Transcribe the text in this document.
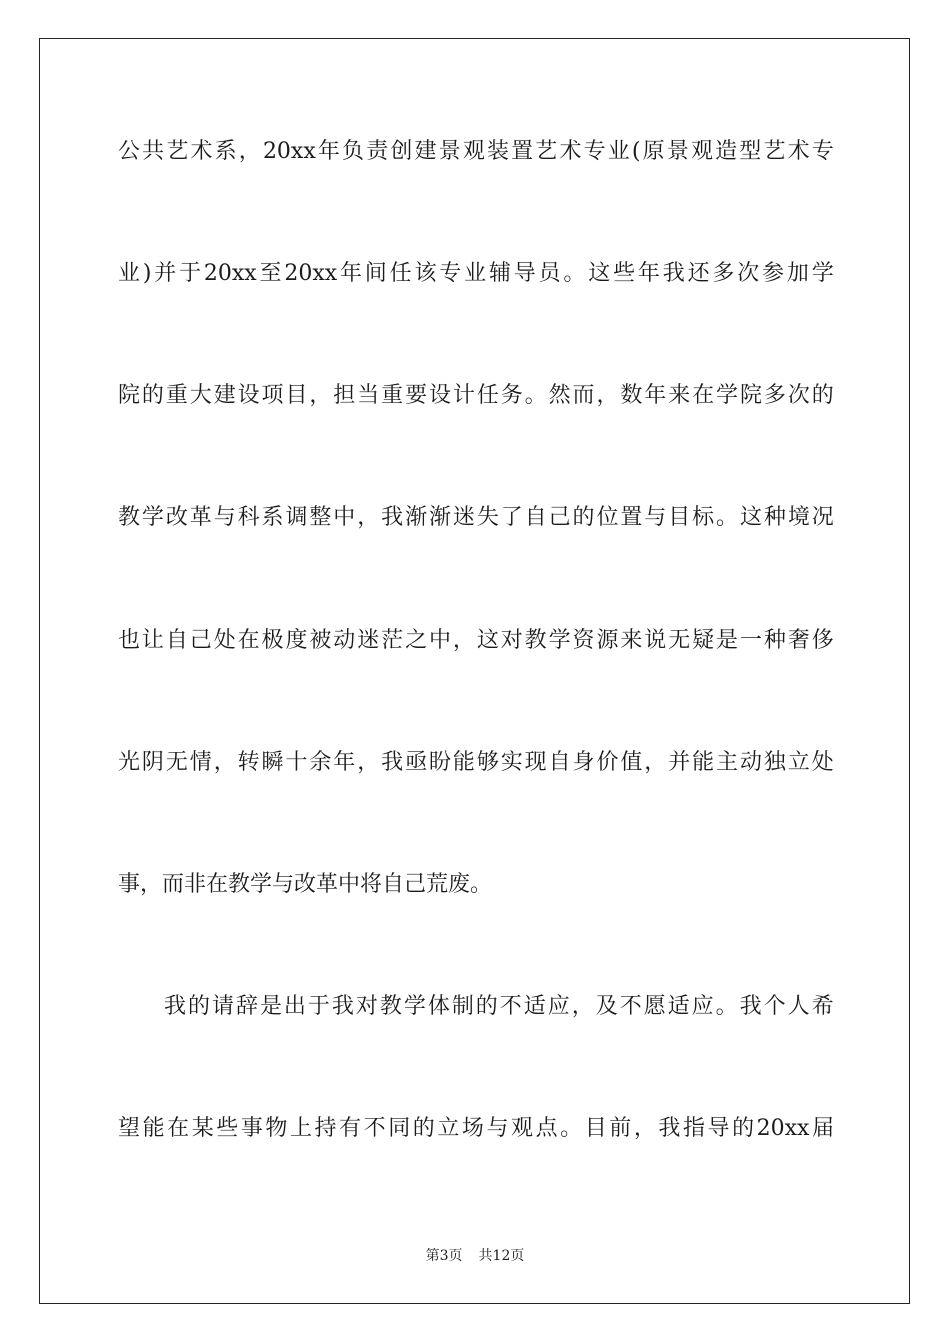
公 共 艺 术 系 ， 20xx 年 负 责 创 建 景 观 装 置 艺 术 专 业 ( 原 景 观 造 型 艺 术 专
业 ) 并 于 20xx 至 20xx 年 间 任 该 专 业 辅 导 员 。 这 些 年 我 还 多 次 参 加 学
院 的 重 大 建 设 项 目 ， 担 当 重 要 设 计 任 务 。 然 而 ， 数 年 来 在 学 院 多 次 的
教 学 改 革 与 科 系 调 整 中 ， 我 渐 渐 迷 失 了 自 己 的 位 置 与 目 标 。 这 种 境 况
也 让 自 己 处 在 极 度 被 动 迷 茫 之 中 ， 这 对 教 学 资 源 来 说 无 疑 是 一 种 奢 侈
光 阴 无 情 ， 转 瞬 十 余 年 ， 我 亟 盼 能 够 实 现 自 身 价 值 ， 并 能 主 动 独 立 处
事，而非在教学与改革中将自己荒废。
我 的 请 辞 是 出 于 我 对 教 学 体 制 的 不 适 应 ， 及 不 愿 适 应 。 我 个 人 希
望 能 在 某 些 事 物 上 持 有 不 同 的 立 场 与 观 点 。 目 前 ， 我 指 导 的 20xx 届
第3页 共12页
